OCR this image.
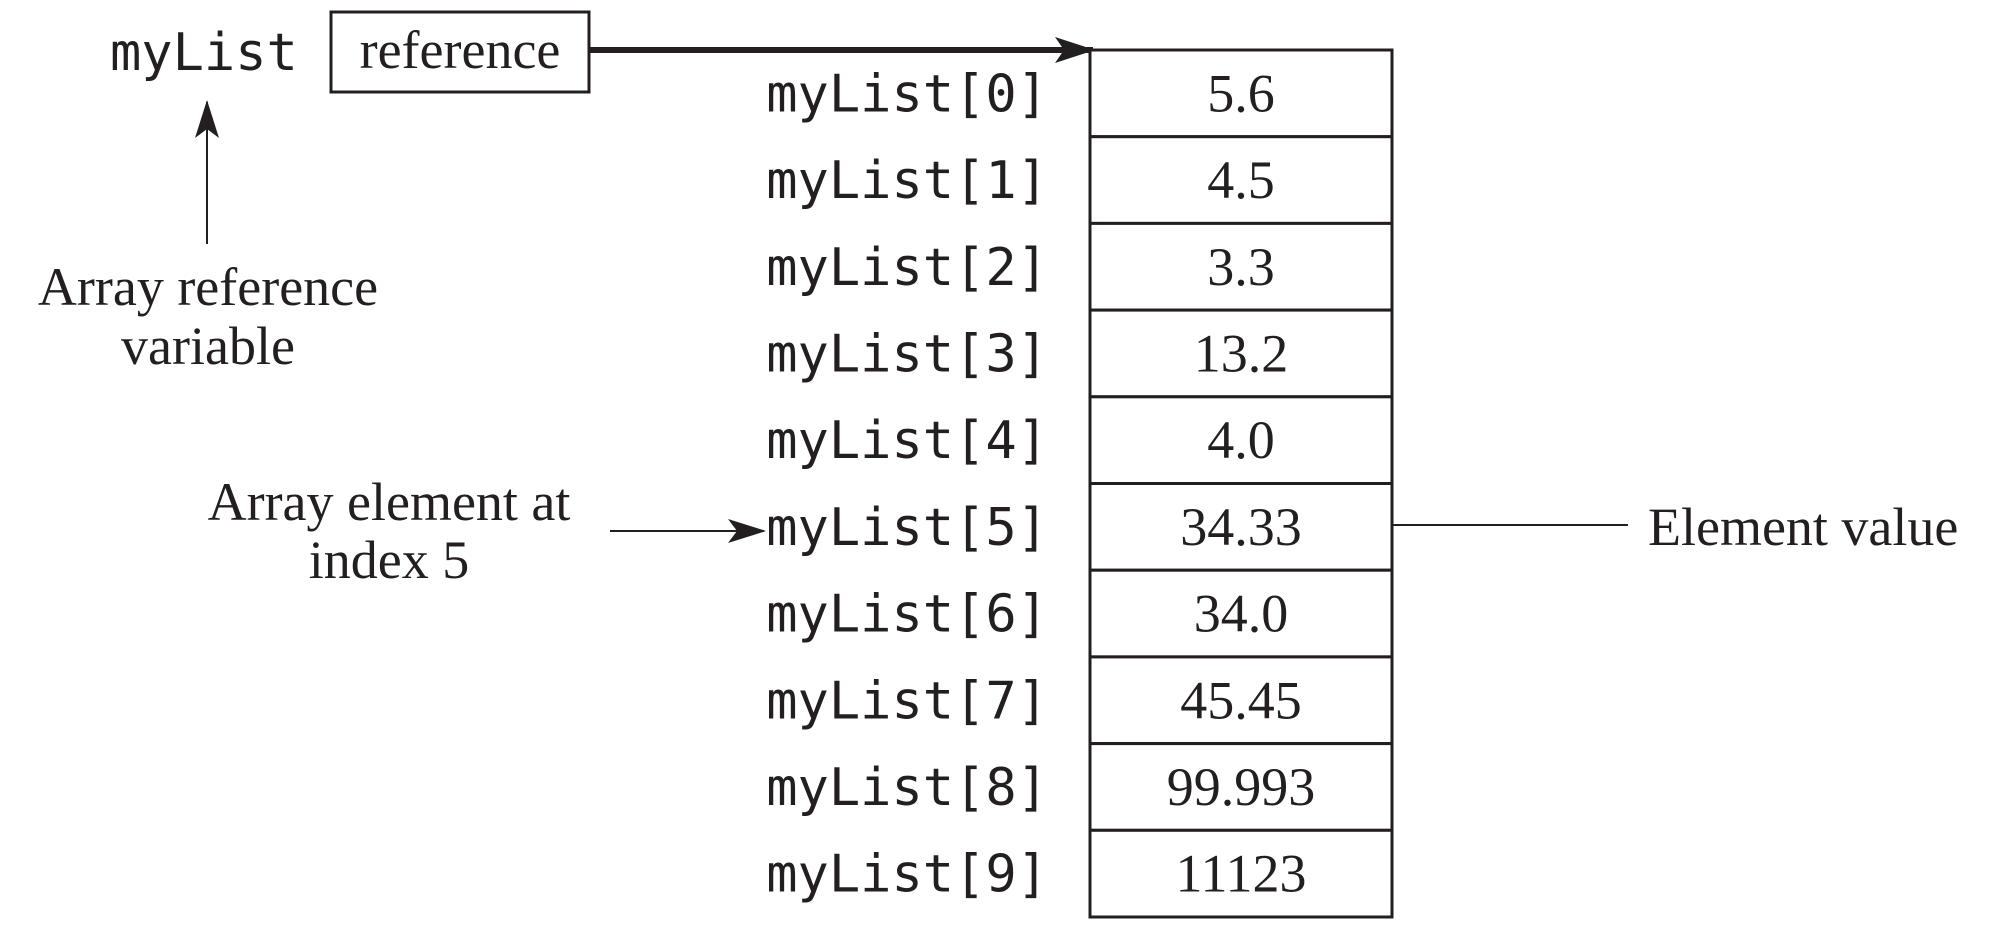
myList reference
Array reference
variable
Array element at
index 5
Element value
5.6
myList[0]
4.5
myList[1]
3.3
myList[2]
13.2
myList[3]
4.0
myList[4]
34.33
myList[5]
34.0
myList[6]
45.45
myList[7]
99.993
myList[8]
11123
myList[9]
